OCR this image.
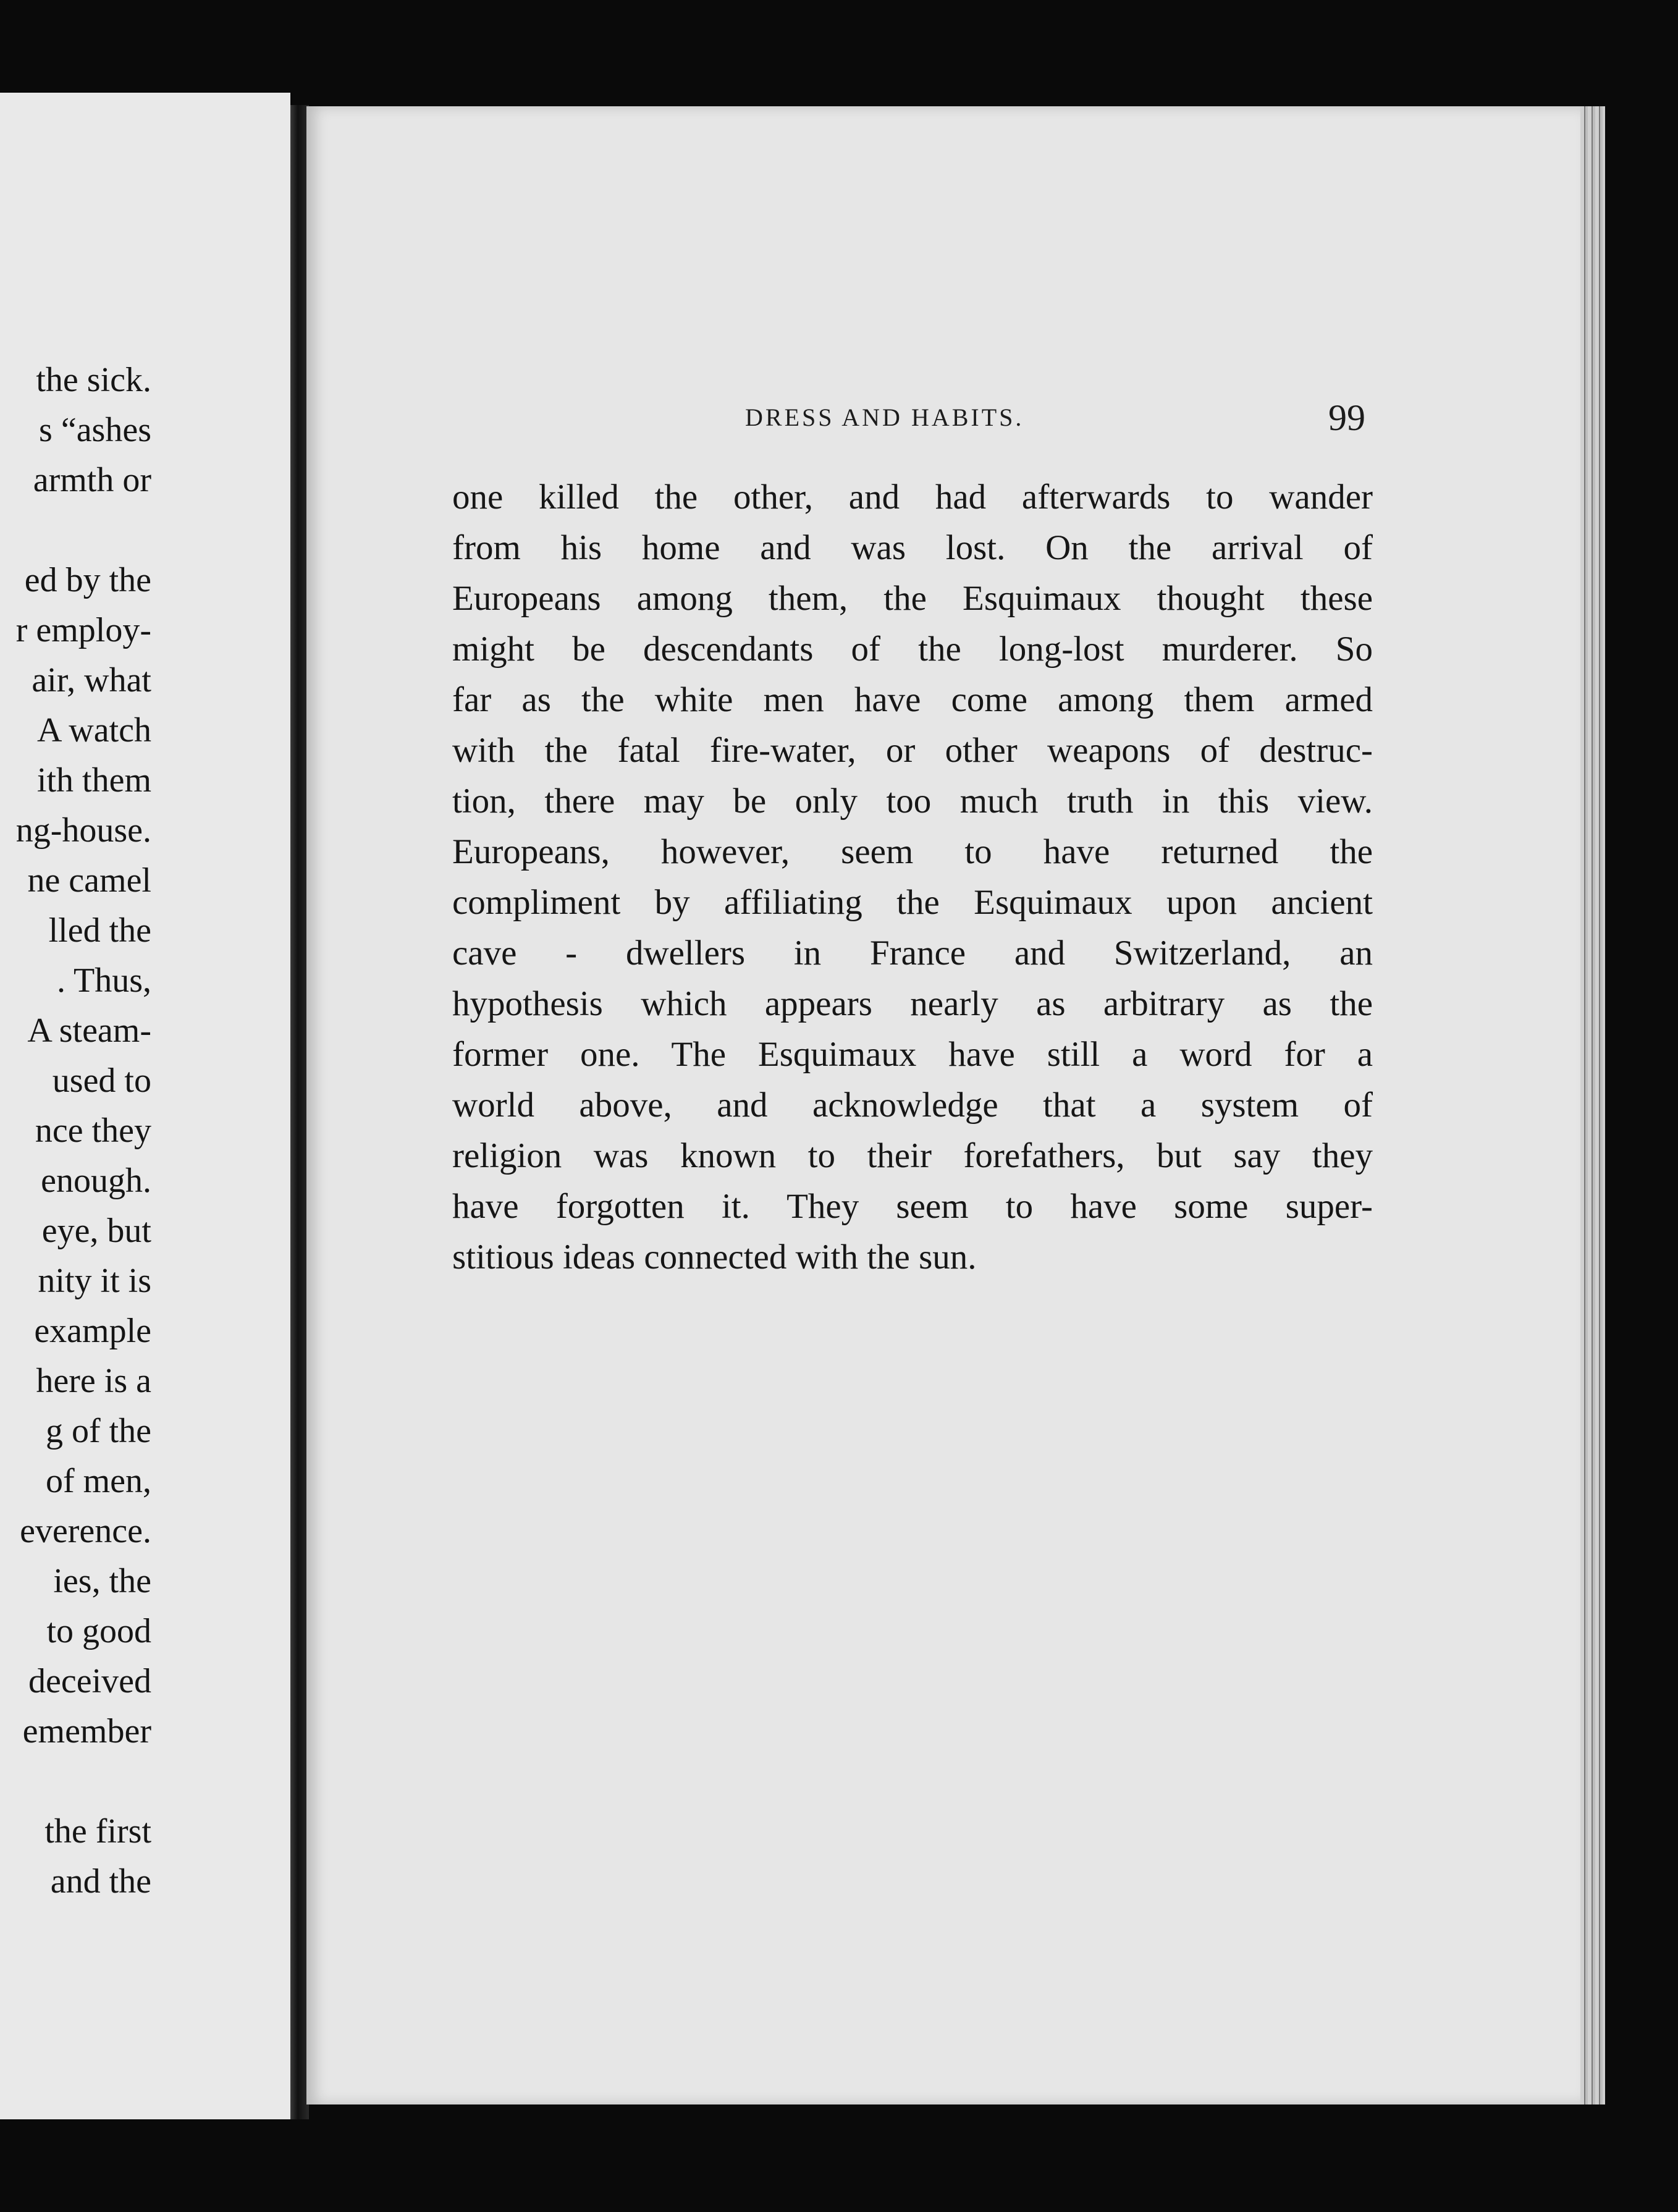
the sick.
s “ashes
armth or
ed by the
r employ-
air, what
A watch
ith them
ng-house.
ne camel
lled the
. Thus,
A steam-
used to
nce they
enough.
eye, but
nity it is
example
here is a
g of the
of men,
everence.
ies, the
to good
deceived
emember
the first
and the
DRESS AND HABITS.	99
one killed the other, and had afterwards to wander
from his home and was lost. On the arrival of
Europeans among them, the Esquimaux thought these
might be descendants of the long-lost murderer. So
far as the white men have come among them armed
with the fatal fire-water, or other weapons of destruc-
tion, there may be only too much truth in this view.
Europeans, however, seem to have returned the
compliment by affiliating the Esquimaux upon ancient
cave - dwellers in France and Switzerland, an
hypothesis which appears nearly as arbitrary as the
former one. The Esquimaux have still a word for a
world above, and acknowledge that a system of
religion was known to their forefathers, but say they
have forgotten it. They seem to have some super-
stitious ideas connected with the sun.
